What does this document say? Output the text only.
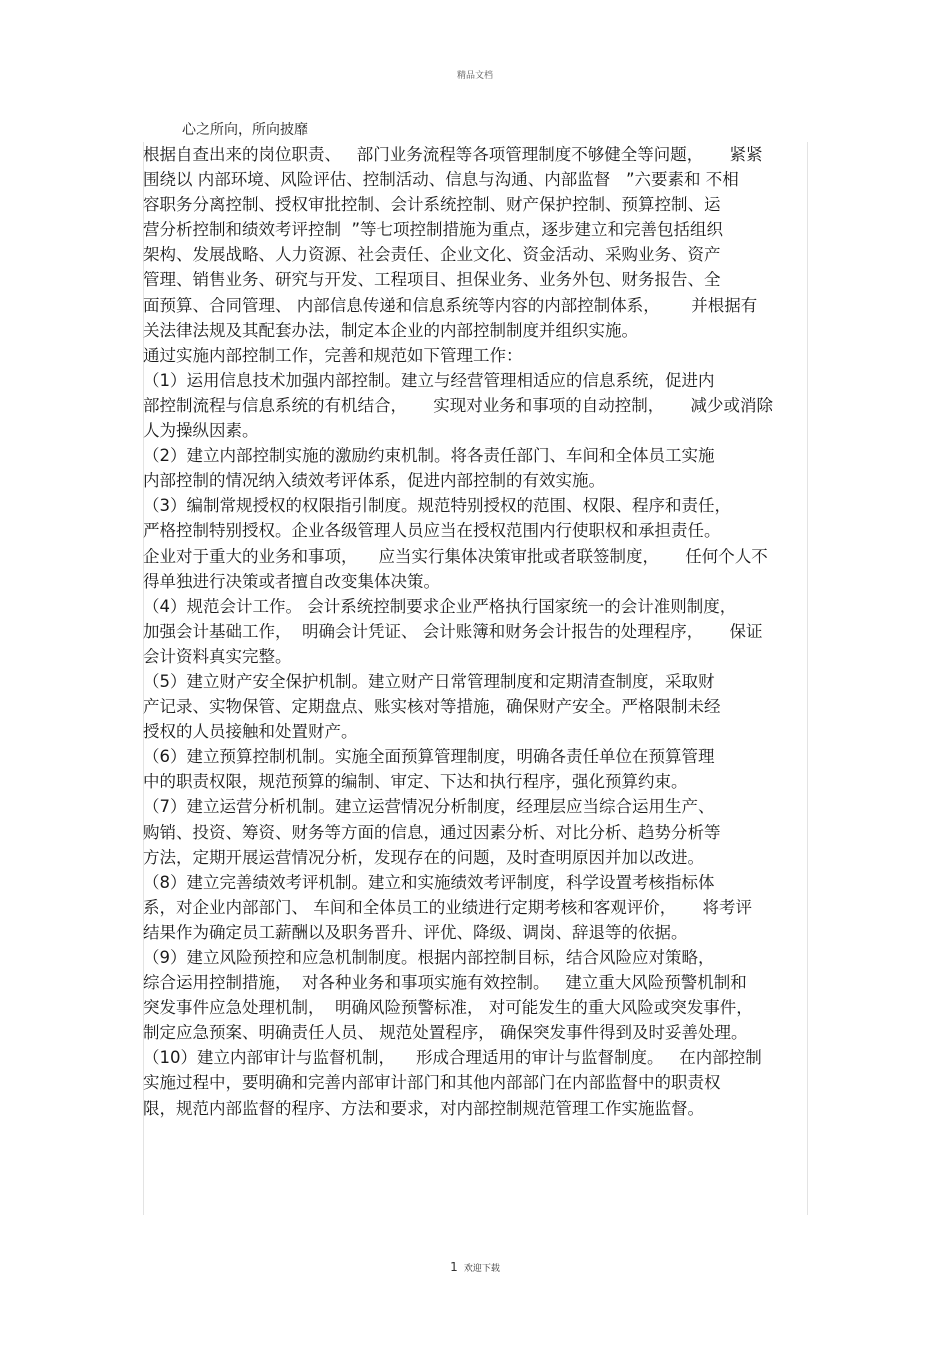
精品文档
心之所向，所向披靡
根据自查出来的岗位职责、   部门业务流程等各项管理制度不够健全等问题，     紧紧
围绕以 内部环境、风险评估、控制活动、信息与沟通、内部监督   ”六要素和 不相
容职务分离控制、授权审批控制、会计系统控制、财产保护控制、预算控制、运
营分析控制和绩效考评控制  ”等七项控制措施为重点，逐步建立和完善包括组织
架构、发展战略、人力资源、社会责任、企业文化、资金活动、采购业务、资产
管理、销售业务、研究与开发、工程项目、担保业务、业务外包、财务报告、全
面预算、合同管理、 内部信息传递和信息系统等内容的内部控制体系，      并根据有
关法律法规及其配套办法，制定本企业的内部控制制度并组织实施。
通过实施内部控制工作，完善和规范如下管理工作：
（1）运用信息技术加强内部控制。建立与经营管理相适应的信息系统，促进内
部控制流程与信息系统的有机结合，     实现对业务和事项的自动控制，     减少或消除
人为操纵因素。
（2）建立内部控制实施的激励约束机制。将各责任部门、车间和全体员工实施
内部控制的情况纳入绩效考评体系，促进内部控制的有效实施。
（3）编制常规授权的权限指引制度。规范特别授权的范围、权限、程序和责任，
严格控制特别授权。企业各级管理人员应当在授权范围内行使职权和承担责任。
企业对于重大的业务和事项，    应当实行集体决策审批或者联签制度，     任何个人不
得单独进行决策或者擅自改变集体决策。
（4）规范会计工作。 会计系统控制要求企业严格执行国家统一的会计准则制度，
加强会计基础工作，  明确会计凭证、 会计账簿和财务会计报告的处理程序，     保证
会计资料真实完整。
（5）建立财产安全保护机制。建立财产日常管理制度和定期清查制度，采取财
产记录、实物保管、定期盘点、账实核对等措施，确保财产安全。严格限制未经
授权的人员接触和处置财产。
（6）建立预算控制机制。实施全面预算管理制度，明确各责任单位在预算管理
中的职责权限，规范预算的编制、审定、下达和执行程序，强化预算约束。
（7）建立运营分析机制。建立运营情况分析制度，经理层应当综合运用生产、
购销、投资、筹资、财务等方面的信息，通过因素分析、对比分析、趋势分析等
方法，定期开展运营情况分析，发现存在的问题，及时查明原因并加以改进。
（8）建立完善绩效考评机制。建立和实施绩效考评制度，科学设置考核指标体
系，对企业内部部门、 车间和全体员工的业绩进行定期考核和客观评价，     将考评
结果作为确定员工薪酬以及职务晋升、评优、降级、调岗、辞退等的依据。
（9）建立风险预控和应急机制制度。根据内部控制目标，结合风险应对策略，
综合运用控制措施，  对各种业务和事项实施有效控制。   建立重大风险预警机制和
突发事件应急处理机制，  明确风险预警标准， 对可能发生的重大风险或突发事件，
制定应急预案、明确责任人员、 规范处置程序， 确保突发事件得到及时妥善处理。
（10）建立内部审计与监督机制，    形成合理适用的审计与监督制度。   在内部控制
实施过程中，要明确和完善内部审计部门和其他内部部门在内部监督中的职责权
限，规范内部监督的程序、方法和要求，对内部控制规范管理工作实施监督。
1 欢迎下载
